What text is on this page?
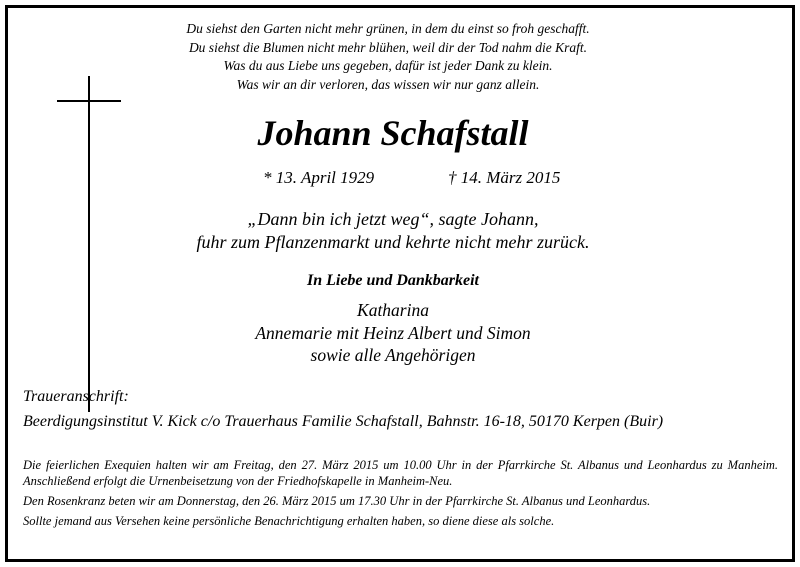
Du siehst den Garten nicht mehr grünen, in dem du einst so froh geschafft.
Du siehst die Blumen nicht mehr blühen, weil dir der Tod nahm die Kraft.
Was du aus Liebe uns gegeben, dafür ist jeder Dank zu klein.
Was wir an dir verloren, das wissen wir nur ganz allein.
Johann Schafstall
* 13. April 1929	† 14. März 2015
„Dann bin ich jetzt weg“, sagte Johann,
fuhr zum Pflanzenmarkt und kehrte nicht mehr zurück.
In Liebe und Dankbarkeit
Katharina
Annemarie mit Heinz Albert und Simon
sowie alle Angehörigen
Traueranschrift:
Beerdigungsinstitut V. Kick c/o Trauerhaus Familie Schafstall, Bahnstr. 16-18, 50170 Kerpen (Buir)

Die feierlichen Exequien halten wir am Freitag, den 27. März 2015 um 10.00 Uhr in der Pfarrkirche St. Albanus und Leonhardus zu Manheim. Anschließend erfolgt die Urnenbeisetzung von der Friedhofskapelle in Manheim-Neu.

Den Rosenkranz beten wir am Donnerstag, den 26. März 2015 um 17.30 Uhr in der Pfarrkirche St. Albanus und Leonhardus.

Sollte jemand aus Versehen keine persönliche Benachrichtigung erhalten haben, so diene diese als solche.
